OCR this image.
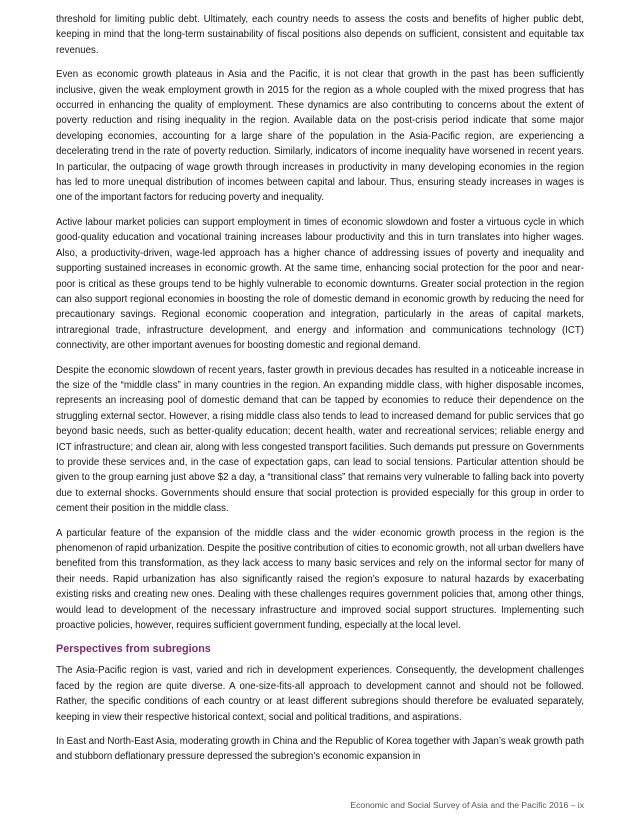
threshold for limiting public debt. Ultimately, each country needs to assess the costs and benefits of higher public debt, keeping in mind that the long-term sustainability of fiscal positions also depends on sufficient, consistent and equitable tax revenues.

Even as economic growth plateaus in Asia and the Pacific, it is not clear that growth in the past has been sufficiently inclusive, given the weak employment growth in 2015 for the region as a whole coupled with the mixed progress that has occurred in enhancing the quality of employment. These dynamics are also contributing to concerns about the extent of poverty reduction and rising inequality in the region. Available data on the post-crisis period indicate that some major developing economies, accounting for a large share of the population in the Asia-Pacific region, are experiencing a decelerating trend in the rate of poverty reduction. Similarly, indicators of income inequality have worsened in recent years. In particular, the outpacing of wage growth through increases in productivity in many developing economies in the region has led to more unequal distribution of incomes between capital and labour. Thus, ensuring steady increases in wages is one of the important factors for reducing poverty and inequality.

Active labour market policies can support employment in times of economic slowdown and foster a virtuous cycle in which good-quality education and vocational training increases labour productivity and this in turn translates into higher wages. Also, a productivity-driven, wage-led approach has a higher chance of addressing issues of poverty and inequality and supporting sustained increases in economic growth. At the same time, enhancing social protection for the poor and near-poor is critical as these groups tend to be highly vulnerable to economic downturns. Greater social protection in the region can also support regional economies in boosting the role of domestic demand in economic growth by reducing the need for precautionary savings. Regional economic cooperation and integration, particularly in the areas of capital markets, intraregional trade, infrastructure development, and energy and information and communications technology (ICT) connectivity, are other important avenues for boosting domestic and regional demand.

Despite the economic slowdown of recent years, faster growth in previous decades has resulted in a noticeable increase in the size of the “middle class” in many countries in the region. An expanding middle class, with higher disposable incomes, represents an increasing pool of domestic demand that can be tapped by economies to reduce their dependence on the struggling external sector. However, a rising middle class also tends to lead to increased demand for public services that go beyond basic needs, such as better-quality education; decent health, water and recreational services; reliable energy and ICT infrastructure; and clean air, along with less congested transport facilities. Such demands put pressure on Governments to provide these services and, in the case of expectation gaps, can lead to social tensions. Particular attention should be given to the group earning just above $2 a day, a “transitional class” that remains very vulnerable to falling back into poverty due to external shocks. Governments should ensure that social protection is provided especially for this group in order to cement their position in the middle class.

A particular feature of the expansion of the middle class and the wider economic growth process in the region is the phenomenon of rapid urbanization. Despite the positive contribution of cities to economic growth, not all urban dwellers have benefited from this transformation, as they lack access to many basic services and rely on the informal sector for many of their needs. Rapid urbanization has also significantly raised the region’s exposure to natural hazards by exacerbating existing risks and creating new ones. Dealing with these challenges requires government policies that, among other things, would lead to development of the necessary infrastructure and improved social support structures. Implementing such proactive policies, however, requires sufficient government funding, especially at the local level.

Perspectives from subregions

The Asia-Pacific region is vast, varied and rich in development experiences. Consequently, the development challenges faced by the region are quite diverse. A one-size-fits-all approach to development cannot and should not be followed. Rather, the specific conditions of each country or at least different subregions should therefore be evaluated separately, keeping in view their respective historical context, social and political traditions, and aspirations.

In East and North-East Asia, moderating growth in China and the Republic of Korea together with Japan’s weak growth path and stubborn deflationary pressure depressed the subregion’s economic expansion in

Economic and Social Survey of Asia and the Pacific 2016 – ix
